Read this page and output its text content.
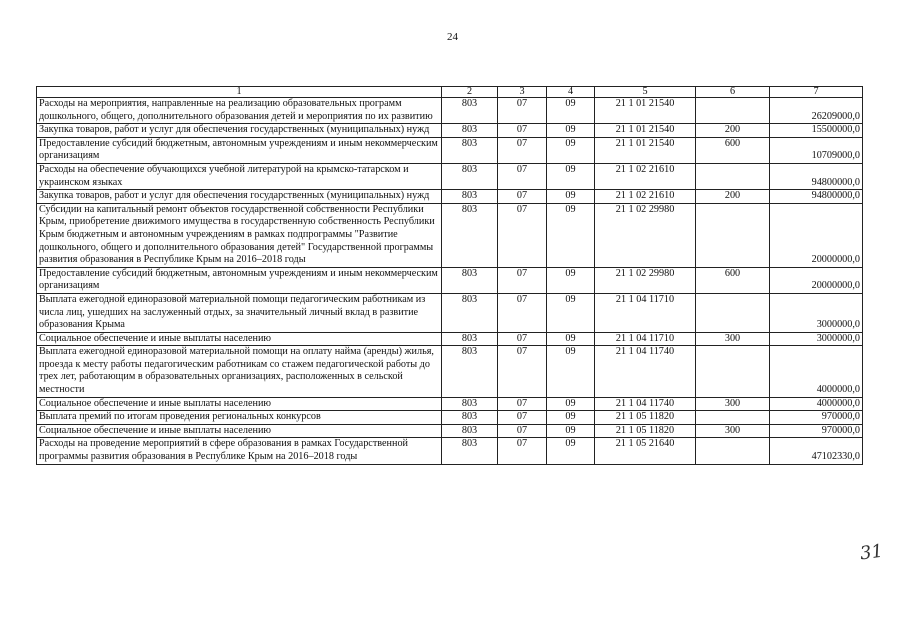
24
1	2	3	4	5	6	7
Расходы на мероприятия, направленные на реализацию образовательных программ дошкольного, общего, дополнительного образования детей и мероприятия по их развитию	803	07	09	21 1 01 21540		26209000,0
Закупка товаров, работ и услуг для обеспечения государственных (муниципальных) нужд	803	07	09	21 1 01 21540	200	15500000,0
Предоставление субсидий бюджетным, автономным учреждениям и иным некоммерческим организациям	803	07	09	21 1 01 21540	600	10709000,0
Расходы на обеспечение обучающихся учебной литературой на крымско-татарском и украинском языках	803	07	09	21 1 02 21610		94800000,0
Закупка товаров, работ и услуг для обеспечения государственных (муниципальных) нужд	803	07	09	21 1 02 21610	200	94800000,0
Субсидии на капитальный ремонт объектов государственной собственности Республики Крым, приобретение движимого имущества в государственную собственность Республики Крым бюджетным и автономным учреждениям в рамках подпрограммы "Развитие дошкольного, общего и дополнительного образования детей" Государственной программы развития образования в Республике Крым на 2016–2018 годы	803	07	09	21 1 02 29980		20000000,0
Предоставление субсидий бюджетным, автономным учреждениям и иным некоммерческим организациям	803	07	09	21 1 02 29980	600	20000000,0
Выплата ежегодной единоразовой материальной помощи педагогическим работникам из числа лиц, ушедших на заслуженный отдых, за значительный личный вклад в развитие образования Крыма	803	07	09	21 1 04 11710		3000000,0
Социальное обеспечение и иные выплаты населению	803	07	09	21 1 04 11710	300	3000000,0
Выплата ежегодной единоразовой материальной помощи на оплату найма (аренды) жилья, проезда к месту работы педагогическим работникам со стажем педагогической работы до трех лет, работающим в образовательных организациях, расположенных в сельской местности	803	07	09	21 1 04 11740		4000000,0
Социальное обеспечение и иные выплаты населению	803	07	09	21 1 04 11740	300	4000000,0
Выплата премий по итогам проведения региональных конкурсов	803	07	09	21 1 05 11820		970000,0
Социальное обеспечение и иные выплаты населению	803	07	09	21 1 05 11820	300	970000,0
Расходы на проведение мероприятий в сфере образования в рамках Государственной программы развития образования в Республике Крым на 2016–2018 годы	803	07	09	21 1 05 21640		47102330,0
31
